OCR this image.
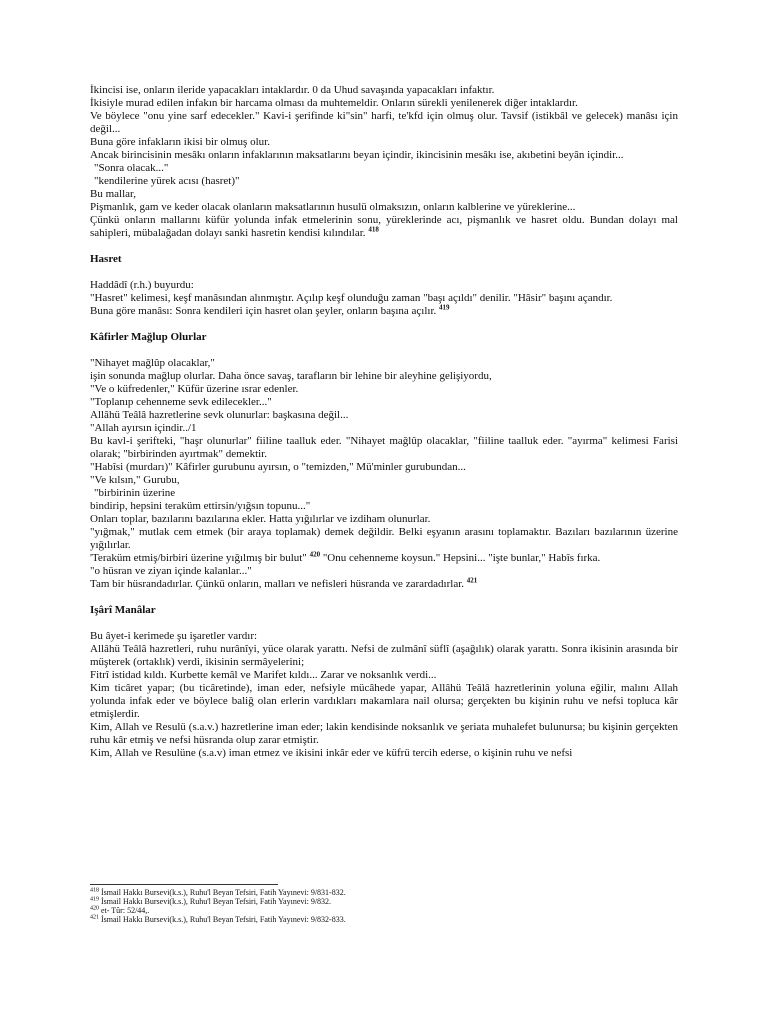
İkincisi ise, onların ileride yapacakları intaklardır. 0 da Uhud savaşında yapacakları infaktır.

İkisiyle murad edilen infakın bir harcama olması da muhtemeldir. Onların sürekli yenilenerek diğer intaklardır.

Ve böylece "onu yine sarf edecekler." Kavi-i şerifinde ki"sin" harfi, te'kfd için olmuş olur. Tavsif (istikbâl ve gelecek) manâsı için değil...

Buna göre infakların ikisi bir olmuş olur.

Ancak birincisinin mesâkı onların infaklarının maksatlarını beyan içindir, ikincisinin mesâkı ise, akıbetini beyân içindir...

"Sonra olacak..."

"kendilerine yürek acısı (hasret)"

Bu mallar,

Pişmanlık, gam ve keder olacak olanların maksatlarının husulü olmaksızın, onların kalblerine ve yüreklerine...

Çünkü onların mallarını küfür yolunda infak etmelerinin sonu, yüreklerinde acı, pişmanlık ve hasret oldu. Bundan dolayı mal sahipleri, mübalağadan dolayı sanki hasretin kendisi kılındılar. $^{418}$

Hasret

Haddâdî (r.h.) buyurdu:

"Hasret" kelimesi, keşf manâsından alınmıştır. Açılıp keşf olunduğu zaman "başı açıldı" denilir. "Hâsir" başını açandır.

Buna göre manâsı: Sonra kendileri için hasret olan şeyler, onların başına açılır. $^{419}$

Kâfirler Mağlup Olurlar

"Nihayet mağlûp olacaklar,"

işin sonunda mağlup olurlar. Daha önce savaş, tarafların bir lehine bir aleyhine gelişiyordu,

"Ve o küfredenler," Küfür üzerine ısrar edenler.

"Toplanıp cehenneme sevk edilecekler..."

Allâhü Teâlâ hazretlerine sevk olunurlar: başkasına değil...

"Allah ayırsın içindir../1

Bu kavl-i şerifteki, "haşr olunurlar" fiiline taalluk eder. "Nihayet mağlûp olacaklar, "fiiline taalluk eder. "ayırma" kelimesi Farisi olarak; "birbirinden ayırtmak" demektir.

"Habîsi (murdarı)" Kâfirler gurubunu ayırsın, o "temizden," Mü'minler gurubundan...

"Ve kılsın," Gurubu,

"birbirinin üzerine

bindirip, hepsini teraküm ettirsin/yığsın topunu..."

Onları toplar, bazılarını bazılarına ekler. Hatta yığılırlar ve izdiham olunurlar.

"yığmak," mutlak cem etmek (bir araya toplamak) demek değildir. Belki eşyanın arasını toplamaktır. Bazıları bazılarının üzerine yığılırlar.

'Teraküm etmiş/birbiri üzerine yığılmış bir bulut" $^{420}$ "Onu cehenneme koysun." Hepsini... "işte bunlar," Habîs fırka.

"o hüsran ve ziyan içinde kalanlar..."

Tam bir hüsrandadırlar. Çünkü onların, malları ve nefisleri hüsranda ve zarardadırlar. $^{421}$

Işârî Manâlar

Bu âyet-i kerimede şu işaretler vardır:

Allâhü Teâlâ hazretleri, ruhu nurânîyi, yüce olarak yarattı. Nefsi de zulmânî süflî (aşağılık) olarak yarattı. Sonra ikisinin arasında bir müşterek (ortaklık) verdi, ikisinin sermâyelerini;

Fitrî istidad kıldı. Kurbette kemâl ve Marifet kıldı... Zarar ve noksanlık verdi...

Kim ticâret yapar; (bu ticâretinde), iman eder, nefsiyle mücâhede yapar, Allâhü Teâlâ hazretlerinin yoluna eğilir, malını Allah yolunda infak eder ve böylece baliğ olan erlerin vardıkları makamlara nail olursa; gerçekten bu kişinin ruhu ve nefsi topluca kâr etmişlerdir.

Kim, Allah ve Resulü (s.a.v.) hazretlerine iman eder; lakin kendisinde noksanlık ve şeriata muhalefet bulunursa; bu kişinin gerçekten ruhu kâr etmiş ve nefsi hüsranda olup zarar etmiştir.

Kim, Allah ve Resulüne (s.a.v) iman etmez ve ikisini inkâr eder ve küfrü tercih ederse, o kişinin ruhu ve nefsi

$^{418}$ İsmail Hakkı Bursevi(k.s.), Ruhu'l Beyan Tefsiri, Fatih Yayınevi: 9/831-832.

$^{419}$ İsmail Hakkı Bursevi(k.s.), Ruhu'l Beyan Tefsiri, Fatih Yayınevi: 9/832.

$^{420}$ et- Tûr: 52/44,.

$^{421}$ İsmail Hakkı Bursevi(k.s.), Ruhu'l Beyan Tefsiri, Fatih Yayınevi: 9/832-833.
